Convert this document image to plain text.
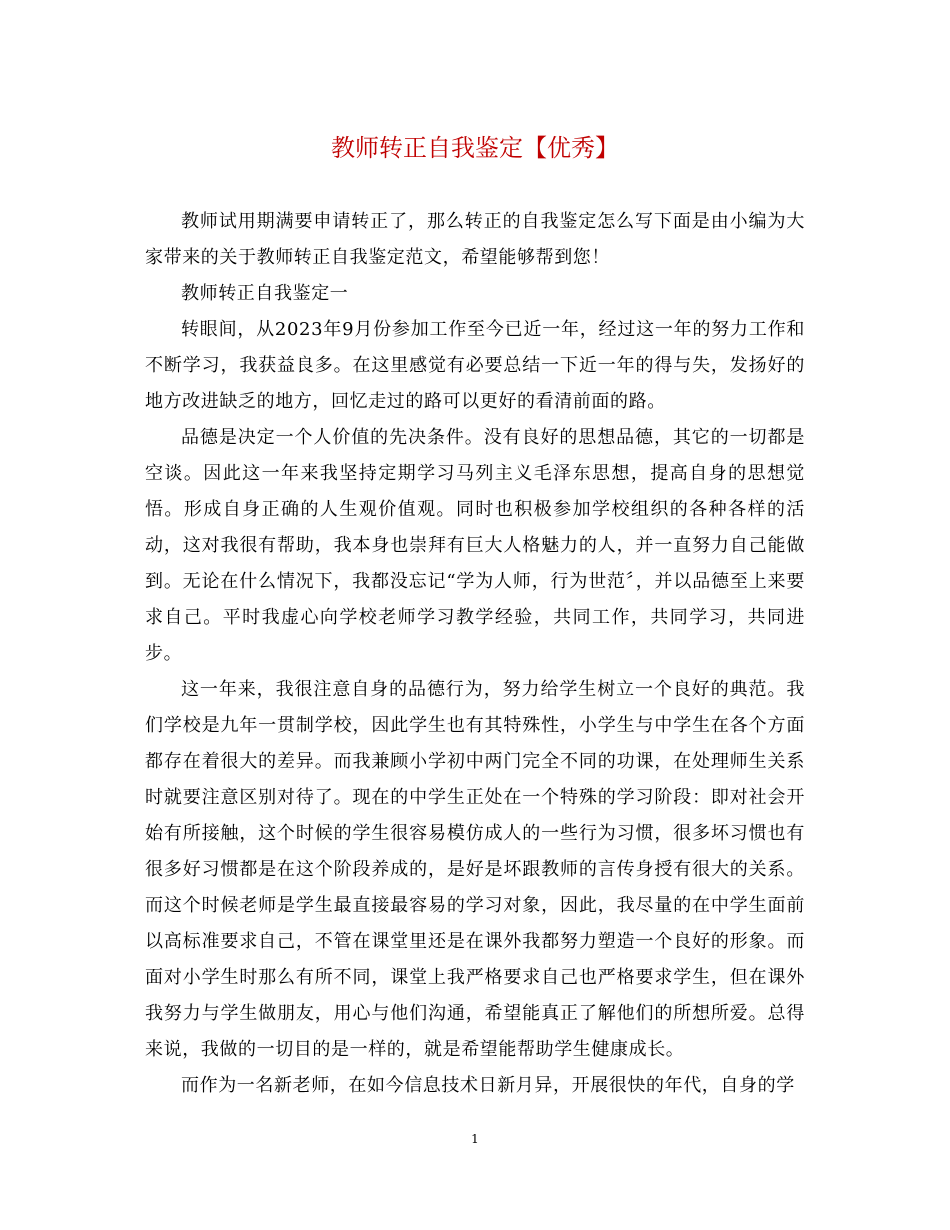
教师转正自我鉴定【优秀】

教师试用期满要申请转正了，那么转正的自我鉴定怎么写下面是由小编为大家带来的关于教师转正自我鉴定范文，希望能够帮到您！

教师转正自我鉴定一

转眼间，从2023年9月份参加工作至今已近一年，经过这一年的努力工作和不断学习，我获益良多。在这里感觉有必要总结一下近一年的得与失，发扬好的地方改进缺乏的地方，回忆走过的路可以更好的看清前面的路。

品德是决定一个人价值的先决条件。没有良好的思想品德，其它的一切都是空谈。因此这一年来我坚持定期学习马列主义毛泽东思想，提高自身的思想觉悟。形成自身正确的人生观价值观。同时也积极参加学校组织的各种各样的活动，这对我很有帮助，我本身也崇拜有巨大人格魅力的人，并一直努力自己能做到。无论在什么情况下，我都没忘记“学为人师，行为世范〞，并以品德至上来要求自己。平时我虚心向学校老师学习教学经验，共同工作，共同学习，共同进步。

这一年来，我很注意自身的品德行为，努力给学生树立一个良好的典范。我们学校是九年一贯制学校，因此学生也有其特殊性，小学生与中学生在各个方面都存在着很大的差异。而我兼顾小学初中两门完全不同的功课，在处理师生关系时就要注意区别对待了。现在的中学生正处在一个特殊的学习阶段：即对社会开始有所接触，这个时候的学生很容易模仿成人的一些行为习惯，很多坏习惯也有很多好习惯都是在这个阶段养成的，是好是坏跟教师的言传身授有很大的关系。而这个时候老师是学生最直接最容易的学习对象，因此，我尽量的在中学生面前以高标准要求自己，不管在课堂里还是在课外我都努力塑造一个良好的形象。而面对小学生时那么有所不同，课堂上我严格要求自己也严格要求学生，但在课外我努力与学生做朋友，用心与他们沟通，希望能真正了解他们的所想所爱。总得来说，我做的一切目的是一样的，就是希望能帮助学生健康成长。

而作为一名新老师，在如今信息技术日新月异，开展很快的年代，自身的学

1
